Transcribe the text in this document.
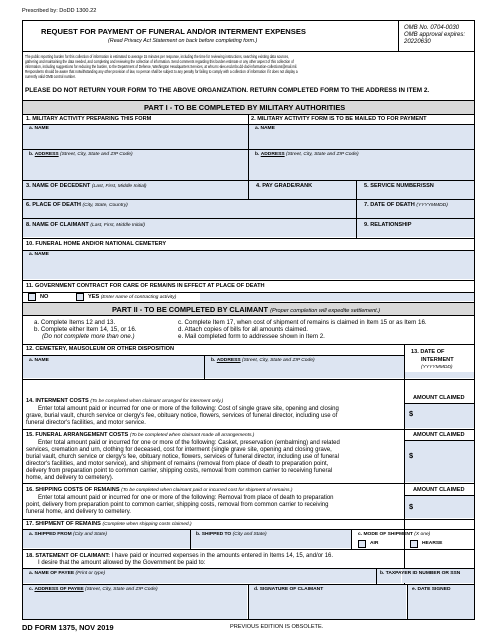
Prescribed by: DoDD 1300.22
REQUEST FOR PAYMENT OF FUNERAL AND/OR INTERMENT EXPENSES
(Read Privacy Act Statement on back before completing form.)
OMB No. 0704-0030
OMB approval expires:
20220630
The public reporting burden for this collection of information is estimated to average 15 minutes per response, including the time for reviewing instructions, searching existing data sources,
gathering and maintaining the data needed, and completing and reviewing the collection of information. Send comments regarding this burden estimate or any other aspect of this collection of
information, including suggestions for reducing the burden, to the Department of Defense, Washington Headquarters Services, at whs.mc-alex.esd.mbx.dd-dod-information-collections@mail.mil.
Respondents should be aware that notwithstanding any other provision of law, no person shall be subject to any penalty for failing to comply with a collection of information if it does not display a
currently valid OMB control number.
PLEASE DO NOT RETURN YOUR FORM TO THE ABOVE ORGANIZATION. RETURN COMPLETED FORM TO THE ADDRESS IN ITEM 2.
PART I - TO BE COMPLETED BY MILITARY AUTHORITIES
1. MILITARY ACTIVITY PREPARING THIS FORM	2. MILITARY ACTIVITY FORM IS TO BE MAILED TO FOR PAYMENT
a. NAME	a. NAME
b. ADDRESS (Street, City, State and ZIP Code)	b. ADDRESS (Street, City, State and ZIP Code)
3. NAME OF DECEDENT (Last, First, Middle Initial)	4. PAY GRADE/RANK	5. SERVICE NUMBER/SSN
6. PLACE OF DEATH (City, State, Country)	7. DATE OF DEATH (YYYYMMDD)
8. NAME OF CLAIMANT (Last, First, Middle Initial)	9. RELATIONSHIP
10. FUNERAL HOME AND/OR NATIONAL CEMETERY
a. NAME
11. GOVERNMENT CONTRACT FOR CARE OF REMAINS IN EFFECT AT PLACE OF DEATH
NO	YES (Enter name of contracting activity)
PART II - TO BE COMPLETED BY CLAIMANT (Proper completion will expedite settlement.)
a. Complete Items 12 and 13.
b. Complete either Item 14, 15, or 16.
(Do not complete more than one.)
c. Complete Item 17, when cost of shipment of remains is claimed in Item 15 or as Item 16.
d. Attach copies of bills for all amounts claimed.
e. Mail completed form to addressee shown in Item 2.
12. CEMETERY, MAUSOLEUM OR OTHER DISPOSITION
a. NAME	b. ADDRESS (Street, City, State and ZIP Code)
13. DATE OF
INTERMENT
(YYYYMMDD)
14. INTERMENT COSTS (To be completed when claimant arranged for interment only.)
Enter total amount paid or incurred for one or more of the following: Cost of single grave site, opening and closing
grave, burial vault, church service or clergy's fee, obituary notice, flowers, services of funeral director, including use of
funeral director's facilities, and motor service.
AMOUNT CLAIMED
$
15. FUNERAL ARRANGEMENT COSTS (To be completed when claimant made all arrangements.)
Enter total amount paid or incurred for one or more of the following: Casket, preservation (embalming) and related
services, cremation and urn, clothing for deceased, cost for interment (single grave site, opening and closing grave,
burial vault, church service or clergy's fee, obituary notice, flowers, services of funeral director, including use of funeral
director's facilities, and motor service), and shipment of remains (removal from place of death to preparation point,
delivery from preparation point to common carrier, shipping costs, removal from common carrier to receiving funeral
home, and delivery to cemetery).
AMOUNT CLAIMED
$
16. SHIPPING COSTS OF REMAINS (To be completed when claimant paid or incurred cost for shipment of remains.)
Enter total amount paid or incurred for one or more of the following: Removal from place of death to preparation
point, delivery from preparation point to common carrier, shipping costs, removal from common carrier to receiving
funeral home, and delivery to cemetery.
AMOUNT CLAIMED
$
17. SHIPMENT OF REMAINS (Complete when shipping costs claimed.)
a. SHIPPED FROM (City and State)	b. SHIPPED TO (City and State)	c. MODE OF SHIPMENT (X one)
AIR	HEARSE
18. STATEMENT OF CLAIMANT: I have paid or incurred expenses in the amounts entered in Items 14, 15, and/or 16.
I desire that the amount allowed by the Government be paid to:
a. NAME OF PAYEE (Print or type)	b. TAXPAYER ID NUMBER OR SSN
c. ADDRESS OF PAYEE (Street, City, State and ZIP Code)	d. SIGNATURE OF CLAIMANT	e. DATE SIGNED
DD FORM 1375, NOV 2019	PREVIOUS EDITION IS OBSOLETE.
